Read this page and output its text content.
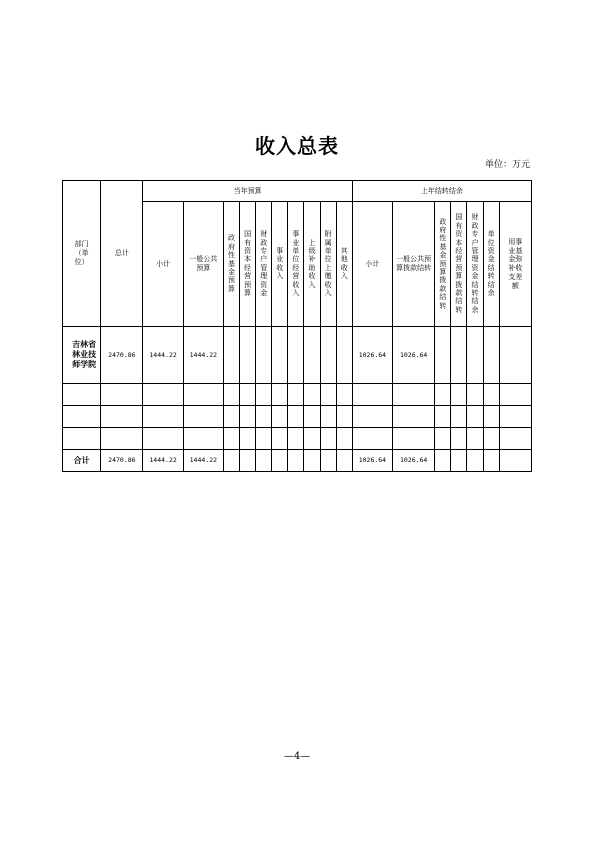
收入总表
单位：万元
部门（单位）	总计	当年预算										上年结转结余						
		小计	一般公共预算	政府性基金预算	国有资本经营预算	财政专户管理资金	事业收入	事业单位经营收入	上级补助收入	附属单位上缴收入	其他收入	小计	一般公共预算拨款结转	政府性基金预算拨款结转	国有资本经营预算拨款结转	财政专户管理资金结转结余	单位资金结转结余	用事业基金弥补收支差额
吉林省林业技师学院	2470.86	1444.22	1444.22									1026.64	1026.64					

合计	2470.86	1444.22	1444.22									1026.64	1026.64					
—4—
